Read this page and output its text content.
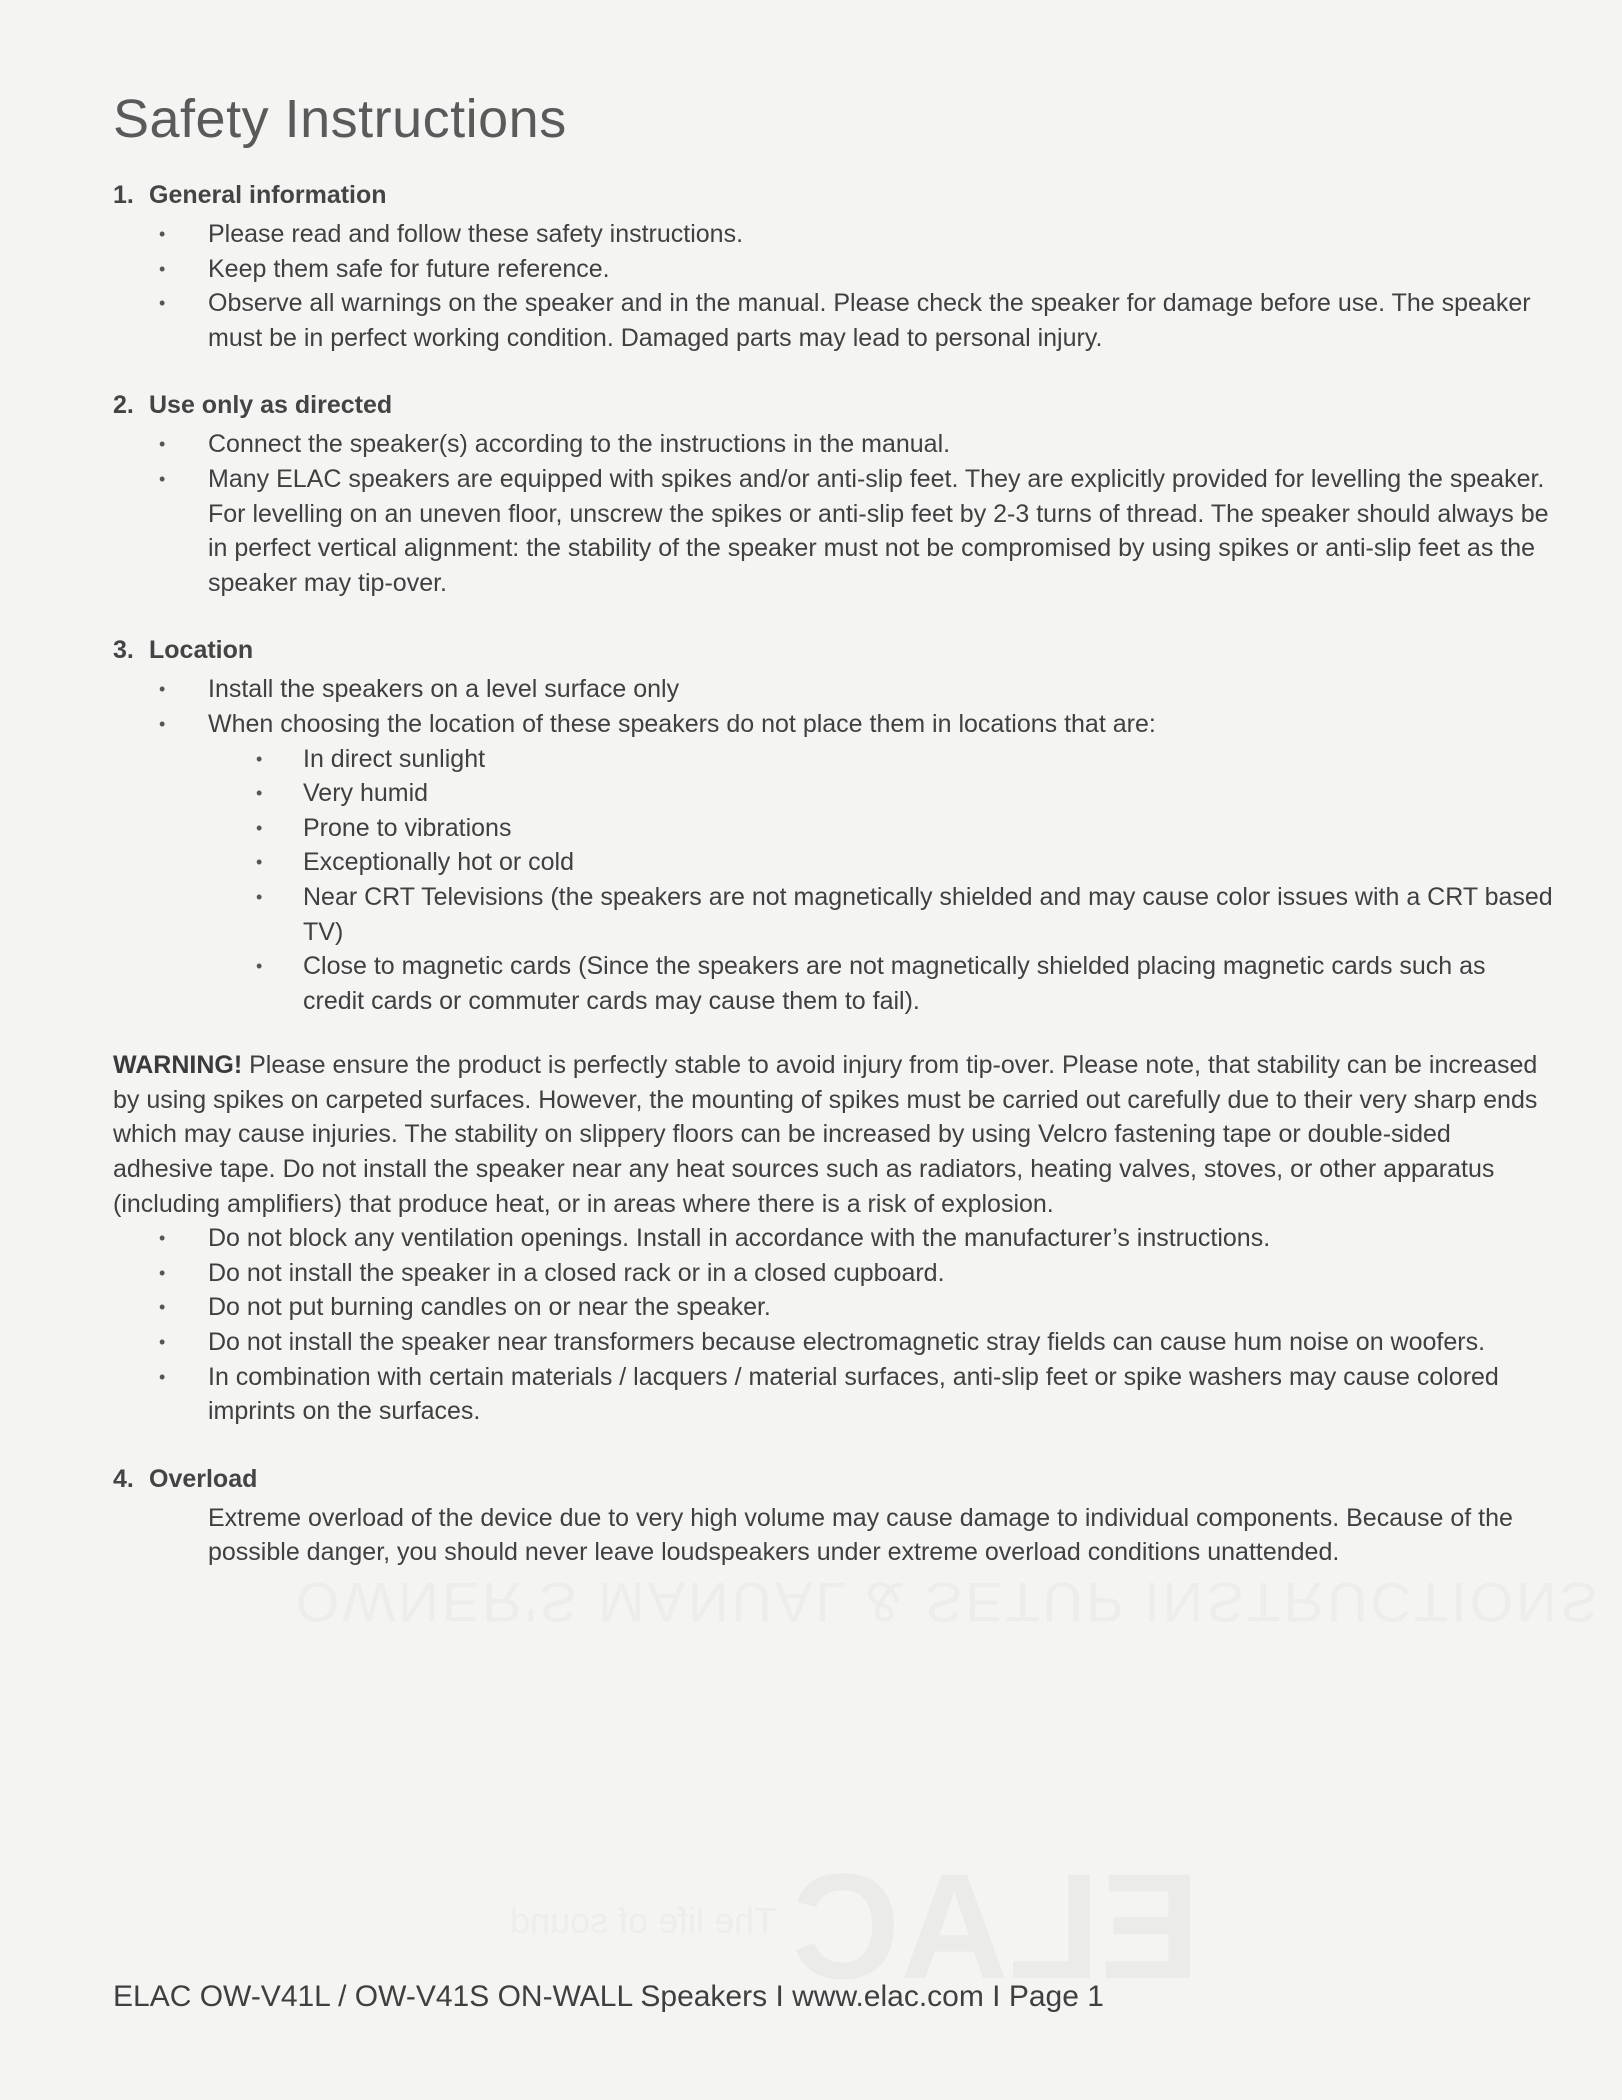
OWNER'S MANUAL & SETUP INSTRUCTIONS
ELAC
The life of sound
Safety Instructions
1. General information
• Please read and follow these safety instructions.
• Keep them safe for future reference.
• Observe all warnings on the speaker and in the manual. Please check the speaker for damage before use. The speaker must be in perfect working condition. Damaged parts may lead to personal injury.
2. Use only as directed
• Connect the speaker(s) according to the instructions in the manual.
• Many ELAC speakers are equipped with spikes and/or anti-slip feet. They are explicitly provided for levelling the speaker. For levelling on an uneven floor, unscrew the spikes or anti-slip feet by 2-3 turns of thread. The speaker should always be in perfect vertical alignment: the stability of the speaker must not be compromised by using spikes or anti-slip feet as the speaker may tip-over.
3. Location
• Install the speakers on a level surface only
• When choosing the location of these speakers do not place them in locations that are:
• In direct sunlight
• Very humid
• Prone to vibrations
• Exceptionally hot or cold
• Near CRT Televisions (the speakers are not magnetically shielded and may cause color issues with a CRT based TV)
• Close to magnetic cards (Since the speakers are not magnetically shielded placing magnetic cards such as credit cards or commuter cards may cause them to fail).

WARNING! Please ensure the product is perfectly stable to avoid injury from tip-over. Please note, that stability can be increased by using spikes on carpeted surfaces. However, the mounting of spikes must be carried out carefully due to their very sharp ends which may cause injuries. The stability on slippery floors can be increased by using Velcro fastening tape or double-sided adhesive tape. Do not install the speaker near any heat sources such as radiators, heating valves, stoves, or other apparatus (including amplifiers) that produce heat, or in areas where there is a risk of explosion.

• Do not block any ventilation openings. Install in accordance with the manufacturer’s instructions.
• Do not install the speaker in a closed rack or in a closed cupboard.
• Do not put burning candles on or near the speaker.
• Do not install the speaker near transformers because electromagnetic stray fields can cause hum noise on woofers.
• In combination with certain materials / lacquers / material surfaces, anti-slip feet or spike washers may cause colored imprints on the surfaces.
4. Overload

Extreme overload of the device due to very high volume may cause damage to individual components. Because of the possible danger, you should never leave loudspeakers under extreme overload conditions unattended.

ELAC OW-V41L / OW-V41S ON-WALL Speakers I www.elac.com I Page 1
